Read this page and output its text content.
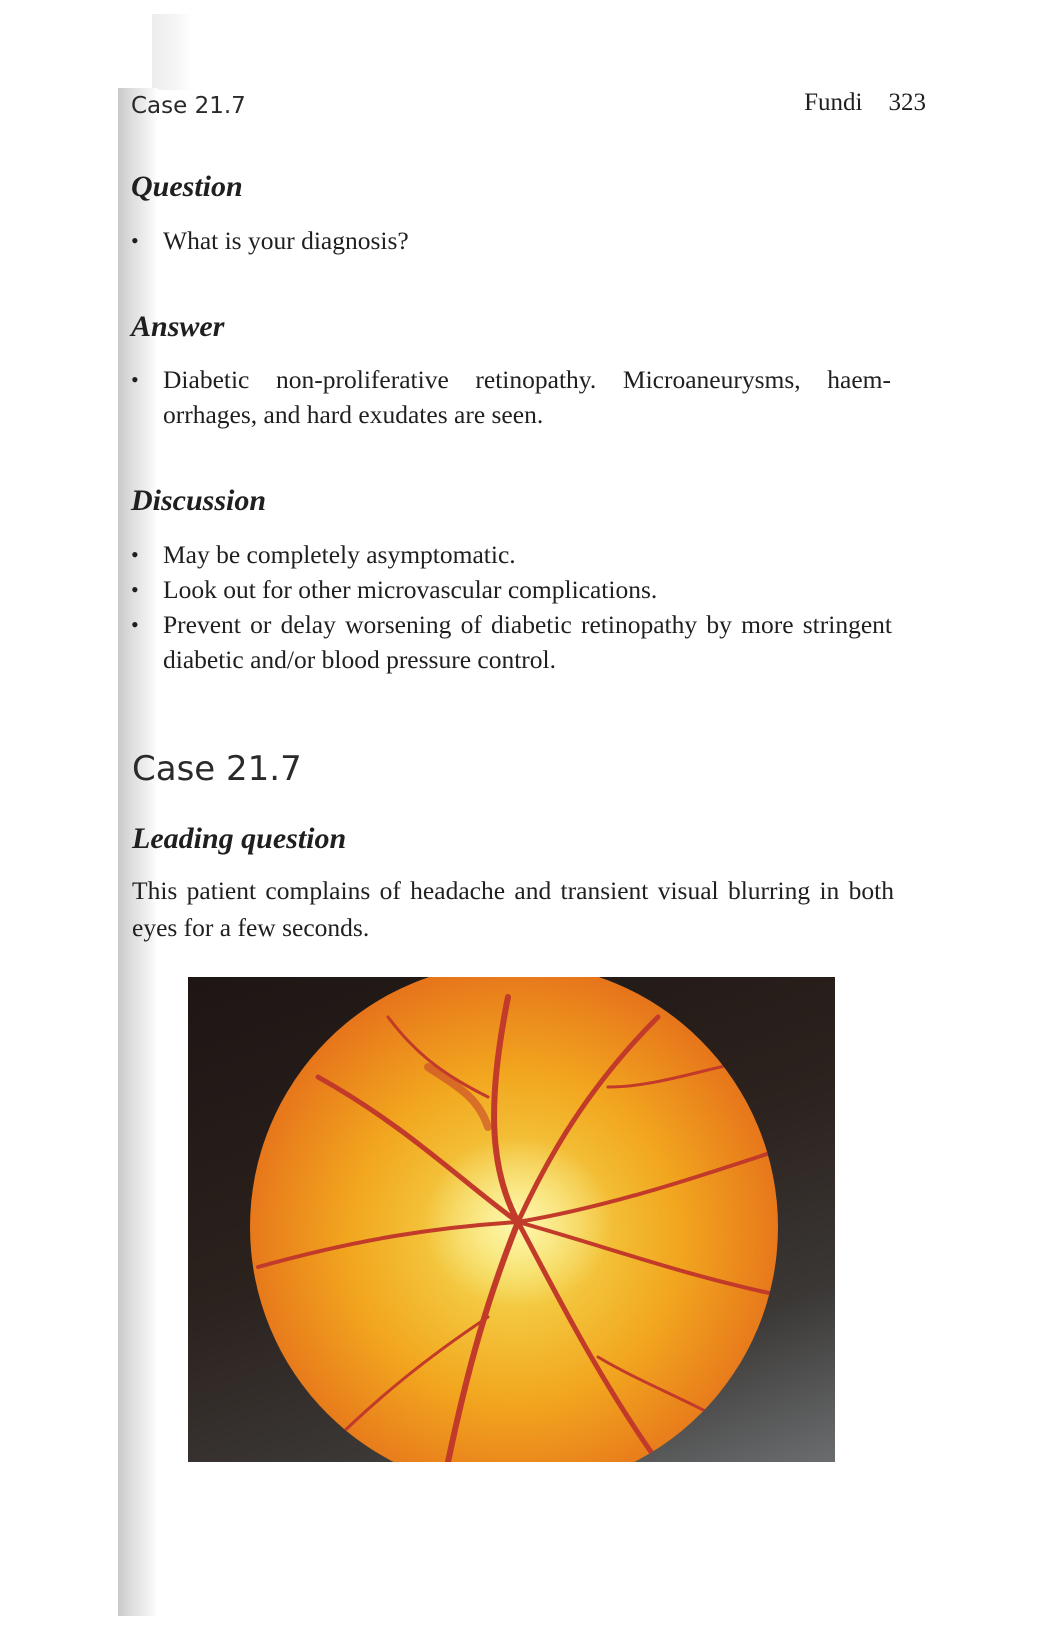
Case 21.7	Fundi 323
Question
• What is your diagnosis?
Answer
• Diabetic non-proliferative retinopathy. Microaneurysms, haem-orrhages, and hard exudates are seen.
Discussion
• May be completely asymptomatic.
• Look out for other microvascular complications.
• Prevent or delay worsening of diabetic retinopathy by more stringent diabetic and/or blood pressure control.
Case 21.7
Leading question

This patient complains of headache and transient visual blurring in both eyes for a few seconds.
